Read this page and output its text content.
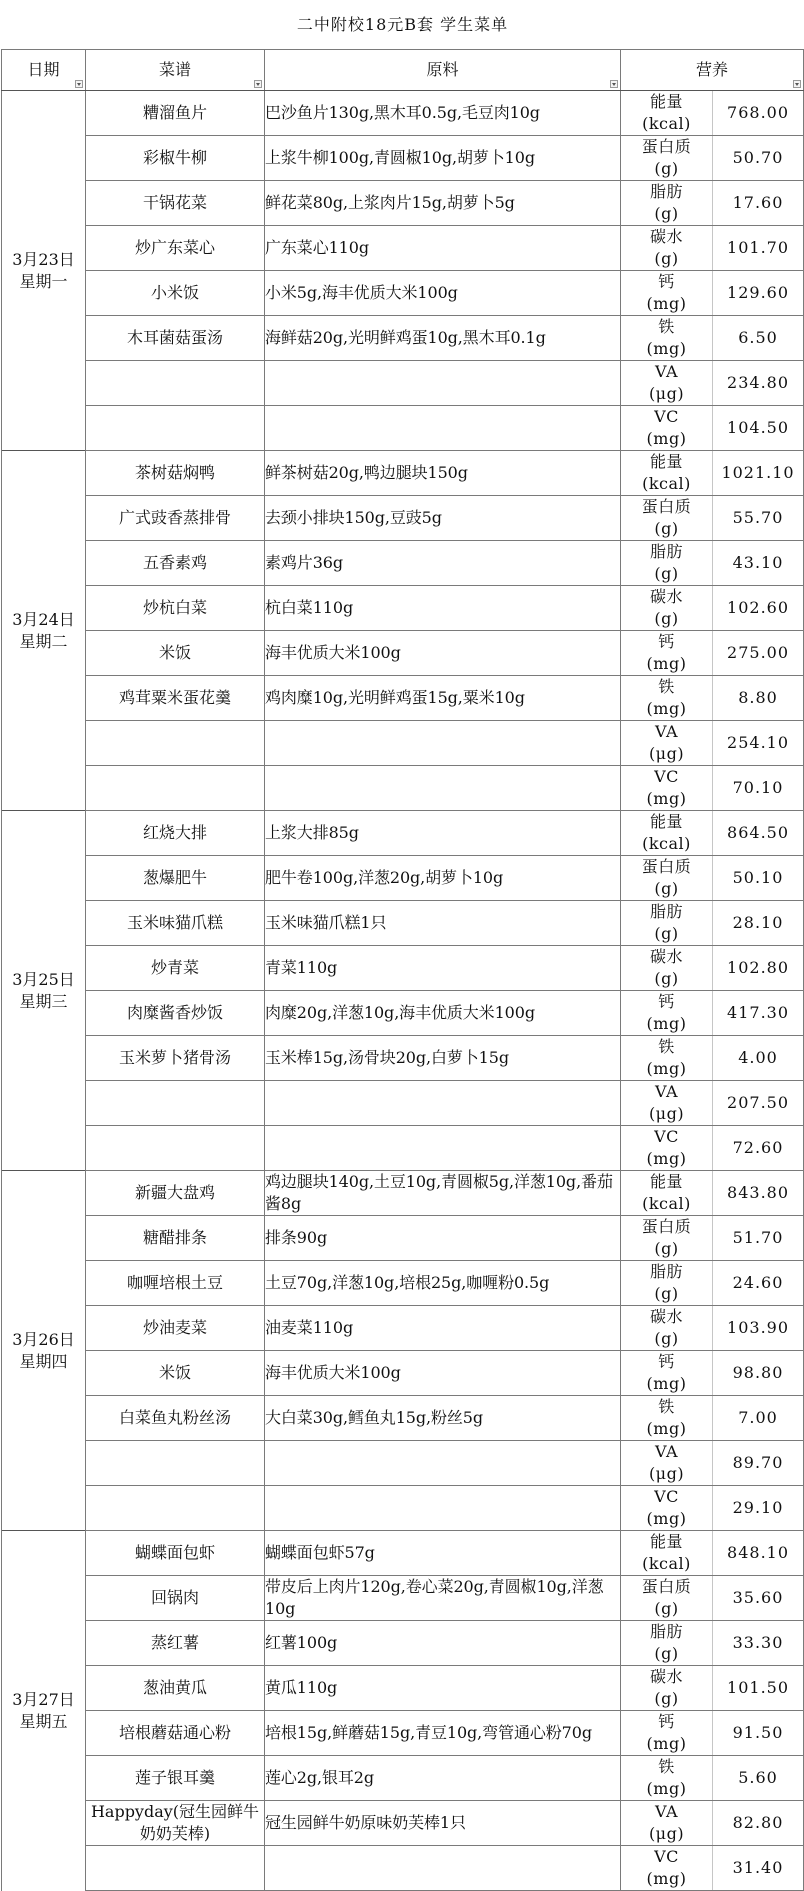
二中附校18元B套 学生菜单				
日期	菜谱	原料	营养	

3月23日
星期一	糟溜鱼片	巴沙鱼片130g,黑木耳0.5g,毛豆肉10g	能量
(kcal)	768.00
	彩椒牛柳	上浆牛柳100g,青圆椒10g,胡萝卜10g	蛋白质
(g)	50.70
	干锅花菜	鲜花菜80g,上浆肉片15g,胡萝卜5g	脂肪
(g)	17.60
	炒广东菜心	广东菜心110g	碳水
(g)	101.70
	小米饭	小米5g,海丰优质大米100g	钙
(mg)	129.60
	木耳菌菇蛋汤	海鲜菇20g,光明鲜鸡蛋10g,黑木耳0.1g	铁
(mg)	6.50

			VA
(μg)	234.80

			VC
(mg)	104.50

3月24日
星期二	茶树菇焖鸭	鲜茶树菇20g,鸭边腿块150g	能量
(kcal)	1021.10
	广式豉香蒸排骨	去颈小排块150g,豆豉5g	蛋白质
(g)	55.70
	五香素鸡	素鸡片36g	脂肪
(g)	43.10
	炒杭白菜	杭白菜110g	碳水
(g)	102.60
	米饭	海丰优质大米100g	钙
(mg)	275.00
	鸡茸粟米蛋花羹	鸡肉糜10g,光明鲜鸡蛋15g,粟米10g	铁
(mg)	8.80

			VA
(μg)	254.10

			VC
(mg)	70.10

3月25日
星期三	红烧大排	上浆大排85g	能量
(kcal)	864.50
	葱爆肥牛	肥牛卷100g,洋葱20g,胡萝卜10g	蛋白质
(g)	50.10
	玉米味猫爪糕	玉米味猫爪糕1只	脂肪
(g)	28.10
	炒青菜	青菜110g	碳水
(g)	102.80
	肉糜酱香炒饭	肉糜20g,洋葱10g,海丰优质大米100g	钙
(mg)	417.30
	玉米萝卜猪骨汤	玉米棒15g,汤骨块20g,白萝卜15g	铁
(mg)	4.00

			VA
(μg)	207.50

			VC
(mg)	72.60

3月26日
星期四	新疆大盘鸡	鸡边腿块140g,土豆10g,青圆椒5g,洋葱10g,番茄酱8g	能量
(kcal)	843.80
	糖醋排条	排条90g	蛋白质
(g)	51.70
	咖喱培根土豆	土豆70g,洋葱10g,培根25g,咖喱粉0.5g	脂肪
(g)	24.60
	炒油麦菜	油麦菜110g	碳水
(g)	103.90
	米饭	海丰优质大米100g	钙
(mg)	98.80
	白菜鱼丸粉丝汤	大白菜30g,鳕鱼丸15g,粉丝5g	铁
(mg)	7.00

			VA
(μg)	89.70

			VC
(mg)	29.10

3月27日
星期五	蝴蝶面包虾	蝴蝶面包虾57g	能量
(kcal)	848.10
	回锅肉	带皮后上肉片120g,卷心菜20g,青圆椒10g,洋葱10g	蛋白质
(g)	35.60
	蒸红薯	红薯100g	脂肪
(g)	33.30
	葱油黄瓜	黄瓜110g	碳水
(g)	101.50
	培根蘑菇通心粉	培根15g,鲜蘑菇15g,青豆10g,弯管通心粉70g	钙
(mg)	91.50
	莲子银耳羹	莲心2g,银耳2g	铁
(mg)	5.60
	Happyday(冠生园鲜牛奶奶芙棒)	冠生园鲜牛奶原味奶芙棒1只	VA
(μg)	82.80

			VC
(mg)	31.40
